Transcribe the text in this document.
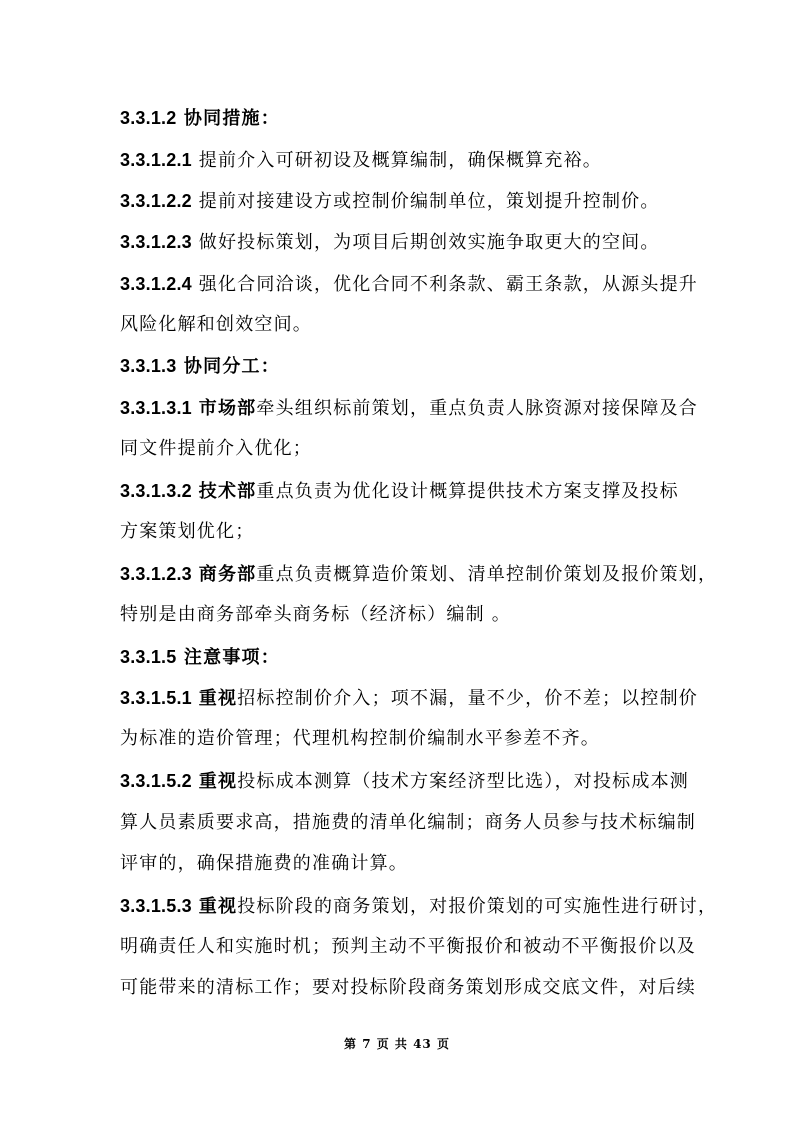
3.3.1.2 协同措施：
3.3.1.2.1 提前介入可研初设及概算编制，确保概算充裕。
3.3.1.2.2 提前对接建设方或控制价编制单位，策划提升控制价。
3.3.1.2.3 做好投标策划，为项目后期创效实施争取更大的空间。
3.3.1.2.4 强化合同洽谈，优化合同不利条款、霸王条款，从源头提升
风险化解和创效空间。
3.3.1.3 协同分工：
3.3.1.3.1 市场部牵头组织标前策划，重点负责人脉资源对接保障及合
同文件提前介入优化；
3.3.1.3.2 技术部重点负责为优化设计概算提供技术方案支撑及投标
方案策划优化；
3.3.1.2.3 商务部重点负责概算造价策划、清单控制价策划及报价策划，
特别是由商务部牵头商务标（经济标）编制 。
3.3.1.5 注意事项：
3.3.1.5.1 重视招标控制价介入；项不漏，量不少，价不差；以控制价
为标准的造价管理；代理机构控制价编制水平参差不齐。
3.3.1.5.2 重视投标成本测算（技术方案经济型比选），对投标成本测
算人员素质要求高，措施费的清单化编制；商务人员参与技术标编制
评审的，确保措施费的准确计算。
3.3.1.5.3 重视投标阶段的商务策划，对报价策划的可实施性进行研讨，
明确责任人和实施时机；预判主动不平衡报价和被动不平衡报价以及
可能带来的清标工作；要对投标阶段商务策划形成交底文件，对后续
第 7 页 共 43 页
